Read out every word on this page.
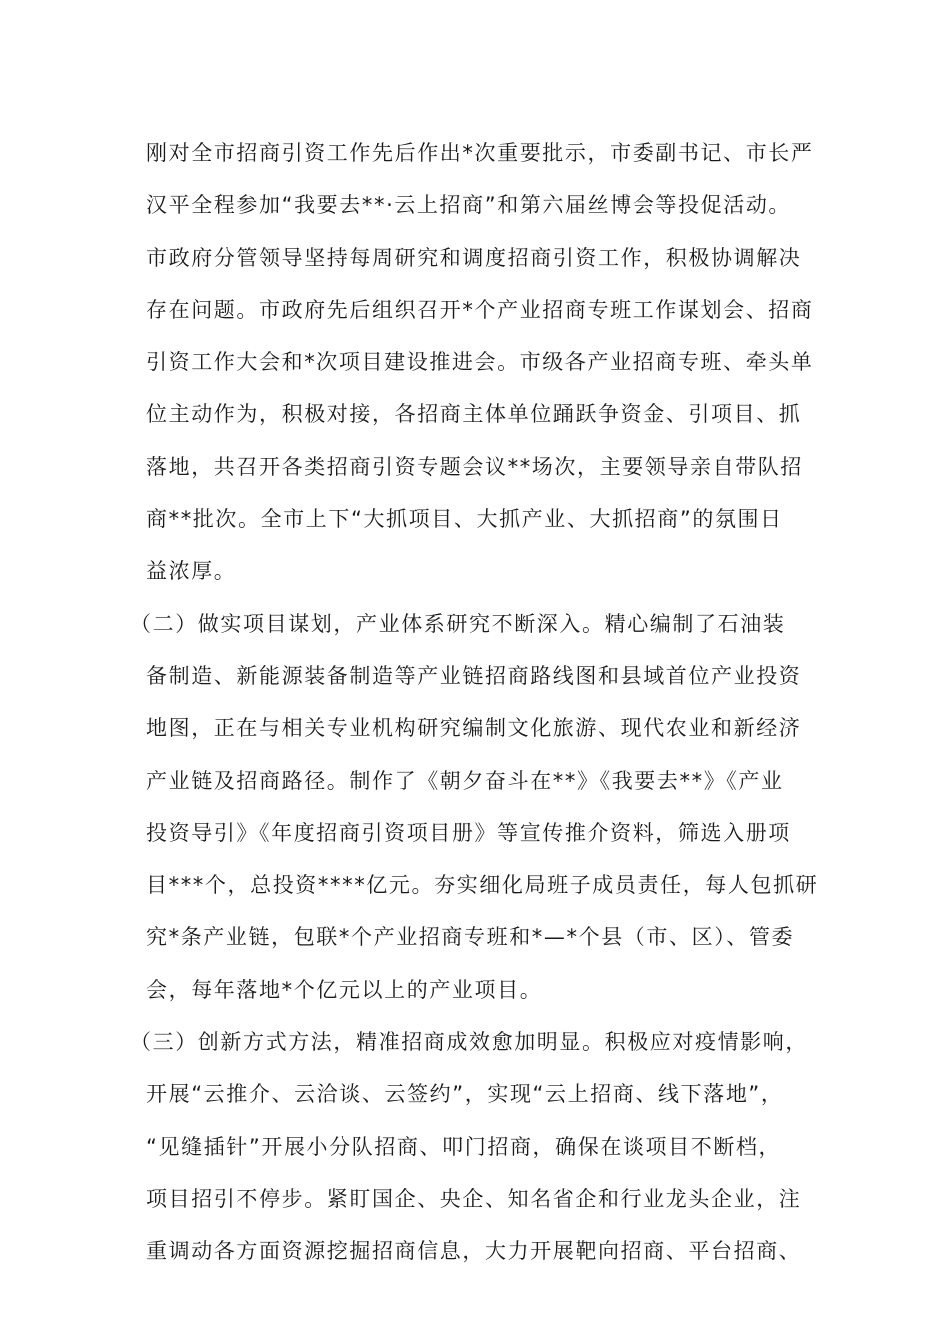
刚对全市招商引资工作先后作出*次重要批示，市委副书记、市长严
汉平全程参加“我要去**·云上招商”和第六届丝博会等投促活动。
市政府分管领导坚持每周研究和调度招商引资工作，积极协调解决
存在问题。市政府先后组织召开*个产业招商专班工作谋划会、招商
引资工作大会和*次项目建设推进会。市级各产业招商专班、牵头单
位主动作为，积极对接，各招商主体单位踊跃争资金、引项目、抓
落地，共召开各类招商引资专题会议**场次，主要领导亲自带队招
商**批次。全市上下“大抓项目、大抓产业、大抓招商”的氛围日
益浓厚。
（二）做实项目谋划，产业体系研究不断深入。精心编制了石油装
备制造、新能源装备制造等产业链招商路线图和县域首位产业投资
地图，正在与相关专业机构研究编制文化旅游、现代农业和新经济
产业链及招商路径。制作了《朝夕奋斗在**》《我要去**》《产业
投资导引》《年度招商引资项目册》等宣传推介资料，筛选入册项
目***个，总投资****亿元。夯实细化局班子成员责任，每人包抓研
究*条产业链，包联*个产业招商专班和*—*个县（市、区）、管委
会，每年落地*个亿元以上的产业项目。
（三）创新方式方法，精准招商成效愈加明显。积极应对疫情影响，
开展“云推介、云洽谈、云签约”，实现“云上招商、线下落地”，
“见缝插针”开展小分队招商、叩门招商，确保在谈项目不断档，
项目招引不停步。紧盯国企、央企、知名省企和行业龙头企业，注
重调动各方面资源挖掘招商信息，大力开展靶向招商、平台招商、
